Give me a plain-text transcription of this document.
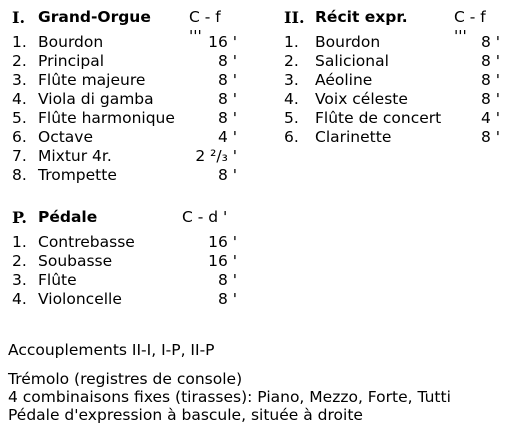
I. Grand-Orgue C - f '''
1. Bourdon	16 '
2. Principal	8 '
3. Flûte majeure	8 '
4. Viola di gamba	8 '
5. Flûte harmonique	8 '
6. Octave	4 '
7. Mixtur 4r.	2 ²/₃ '
8. Trompette	8 '
II. Récit expr.	C - f '''
1. Bourdon	8 '
2. Salicional	8 '
3. Aéoline	8 '
4. Voix céleste	8 '
5. Flûte de concert	4 '
6. Clarinette	8 '
P. Pédale	C - d '
1. Contrebasse	16 '
2. Soubasse	16 '
3. Flûte	8 '
4. Violoncelle	8 '
Accouplements II-I, I-P, II-P
Trémolo (registres de console)
4 combinaisons fixes (tirasses): Piano, Mezzo, Forte, Tutti
Pédale d'expression à bascule, située à droite
